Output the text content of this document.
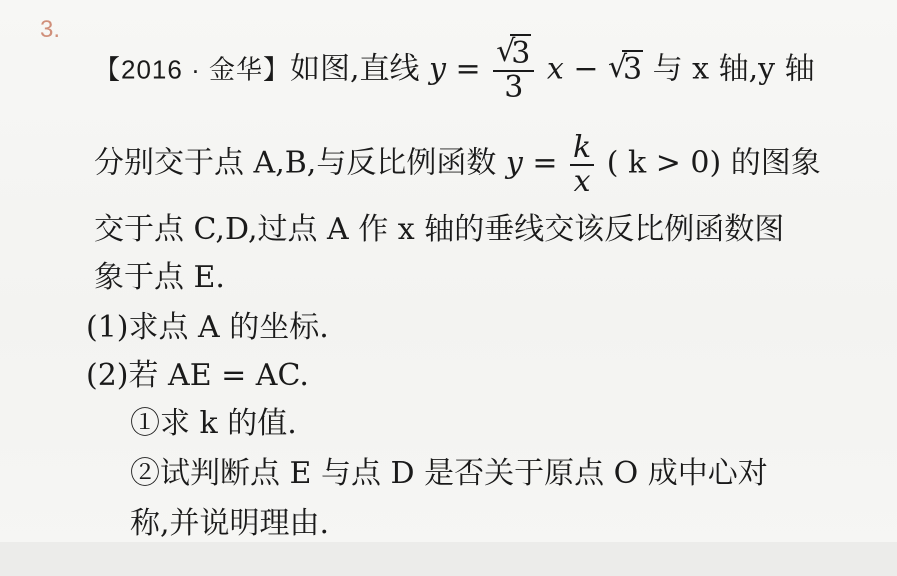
3.
【2016 · 金华】如图,直线 y = √
3
3 x − √
3 与 x 轴,y 轴
分别交于点 A,B,与反比例函数 $y = \frac{k}{x}$ ( k > 0) 的图象
交于点 C,D,过点 A 作 x 轴的垂线交该反比例函数图
象于点 E.
(1)求点 A 的坐标.
(2)若 AE = AC.
①求 k 的值.
②试判断点 E 与点 D 是否关于原点 O 成中心对
称,并说明理由.
